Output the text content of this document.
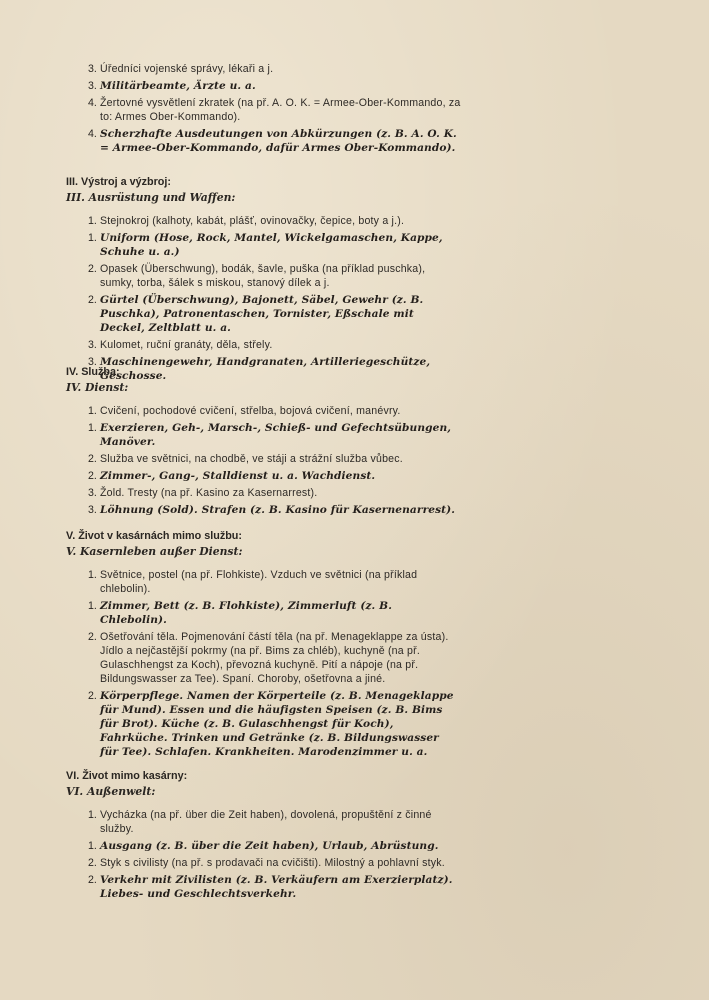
3. Úředníci vojenské správy, lékaři a j.
3. Militärbeamte, Ärzte u. a.
4. Žertovné vysvětlení zkratek (na př. A. O. K. = Armee-Ober-Kommando, za to: Armes Ober-Kommando).
4. Scherzhafte Ausdeutungen von Abkürzungen (z. B. A. O. K. = Armee-Ober-Kommando, dafür Armes Ober-Kommando).
III. Výstroj a výzbroj:
III. Ausrüstung und Waffen:
1. Stejnokroj (kalhoty, kabát, plášť, ovinovačky, čepice, boty a j.).
1. Uniform (Hose, Rock, Mantel, Wickelgamaschen, Kappe, Schuhe u. a.)
2. Opasek (Überschwung), bodák, šavle, puška (na příklad puschka), sumky, torba, šálek s miskou, stanový dílek a j.
2. Gürtel (Überschwung), Bajonett, Säbel, Gewehr (z. B. Puschka), Patronentaschen, Tornister, Eßschale mit Deckel, Zeltblatt u. a.
3. Kulomet, ruční granáty, děla, střely.
3. Maschinengewehr, Handgranaten, Artilleriegeschütze, Geschosse.
IV. Služba:
IV. Dienst:
1. Cvičení, pochodové cvičení, střelba, bojová cvičení, manévry.
1. Exerzieren, Geh-, Marsch-, Schieß- und Gefechtsübungen, Manöver.
2. Služba ve světnici, na chodbě, ve stáji a strážní služba vůbec.
2. Zimmer-, Gang-, Stalldienst u. a. Wachdienst.
3. Žold. Tresty (na př. Kasino za Kasernarrest).
3. Löhnung (Sold). Strafen (z. B. Kasino für Kasernenarrest).
V. Život v kasárnách mimo službu:
V. Kasernleben außer Dienst:
1. Světnice, postel (na př. Flohkiste). Vzduch ve světnici (na příklad chlebolin).
1. Zimmer, Bett (z. B. Flohkiste), Zimmerluft (z. B. Chlebolin).
2. Ošetřování těla. Pojmenování částí těla (na př. Menageklappe za ústa). Jídlo a nejčastější pokrmy (na př. Bims za chléb), kuchyně (na př. Gulaschhengst za Koch), převozná kuchyně. Pití a nápoje (na př. Bildungswasser za Tee). Spaní. Choroby, ošetřovna a jiné.
2. Körperpflege. Namen der Körperteile (z. B. Menageklappe für Mund). Essen und die häufigsten Speisen (z. B. Bims für Brot). Küche (z. B. Gulaschhengst für Koch), Fahrküche. Trinken und Getränke (z. B. Bildungswasser für Tee). Schlafen. Krankheiten. Marodenzimmer u. a.
VI. Život mimo kasárny:
VI. Außenwelt:
1. Vycházka (na př. über die Zeit haben), dovolená, propuštění z činné služby.
1. Ausgang (z. B. über die Zeit haben), Urlaub, Abrüstung.
2. Styk s civilisty (na př. s prodavači na cvičišti). Milostný a pohlavní styk.
2. Verkehr mit Zivilisten (z. B. Verkäufern am Exerzierplatz). Liebes- und Geschlechtsverkehr.
